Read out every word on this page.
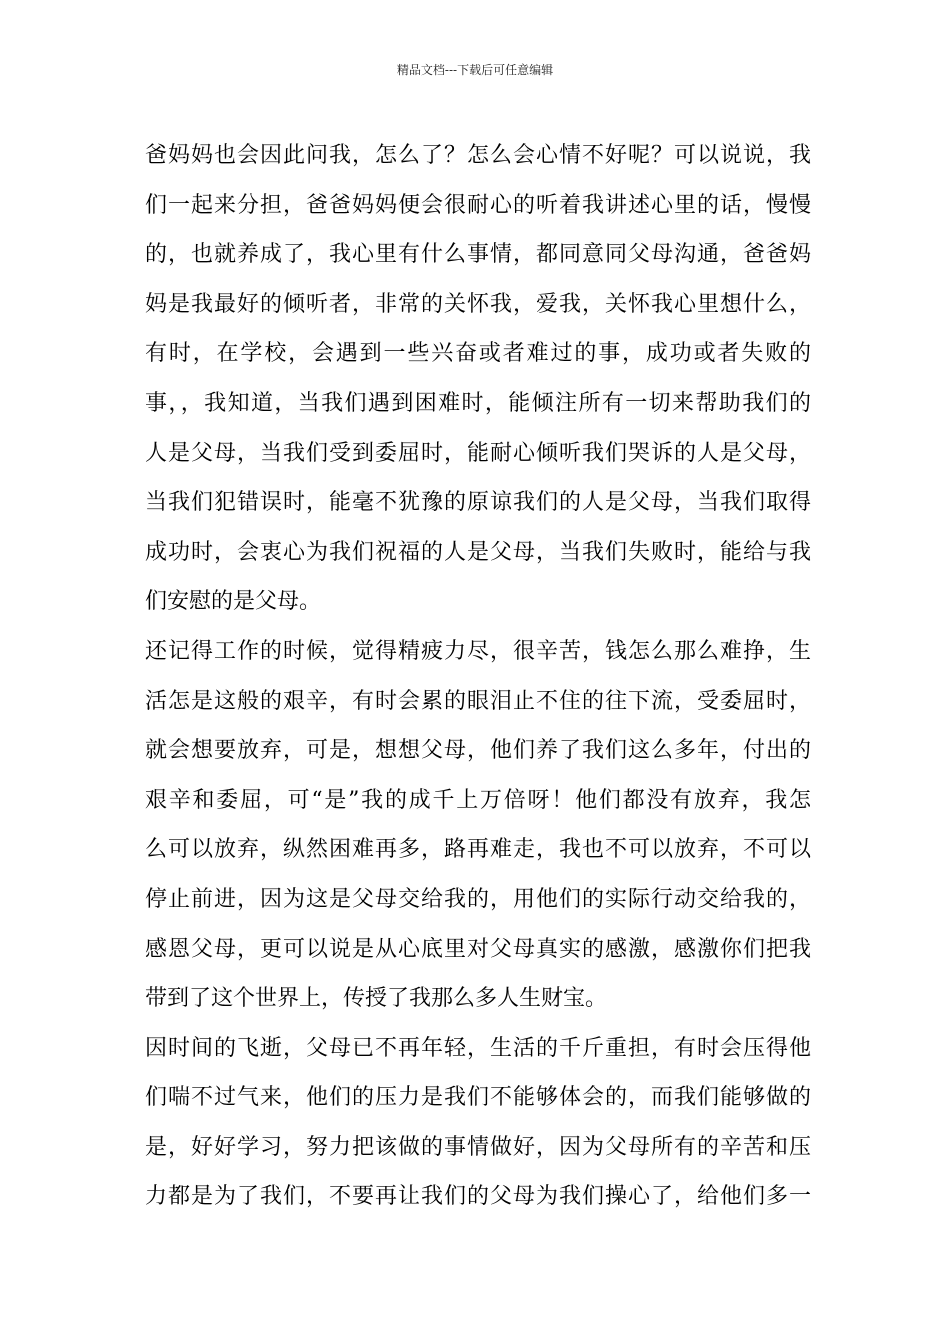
精品文档---下载后可任意编辑
爸妈妈也会因此问我，怎么了？怎么会心情不好呢？可以说说，我
们一起来分担，爸爸妈妈便会很耐心的听着我讲述心里的话，慢慢
的，也就养成了，我心里有什么事情，都同意同父母沟通，爸爸妈
妈是我最好的倾听者，非常的关怀我，爱我，关怀我心里想什么，
有时，在学校，会遇到一些兴奋或者难过的事，成功或者失败的
事，，我知道，当我们遇到困难时，能倾注所有一切来帮助我们的
人是父母，当我们受到委屈时，能耐心倾听我们哭诉的人是父母，
当我们犯错误时，能毫不犹豫的原谅我们的人是父母，当我们取得
成功时，会衷心为我们祝福的人是父母，当我们失败时，能给与我
们安慰的是父母。
还记得工作的时候，觉得精疲力尽，很辛苦，钱怎么那么难挣，生
活怎是这般的艰辛，有时会累的眼泪止不住的往下流，受委屈时，
就会想要放弃，可是，想想父母，他们养了我们这么多年，付出的
艰辛和委屈，可“是”我的成千上万倍呀！他们都没有放弃，我怎
么可以放弃，纵然困难再多，路再难走，我也不可以放弃，不可以
停止前进，因为这是父母交给我的，用他们的实际行动交给我的，
感恩父母，更可以说是从心底里对父母真实的感激，感激你们把我
带到了这个世界上，传授了我那么多人生财宝。
因时间的飞逝，父母已不再年轻，生活的千斤重担，有时会压得他
们喘不过气来，他们的压力是我们不能够体会的，而我们能够做的
是，好好学习，努力把该做的事情做好，因为父母所有的辛苦和压
力都是为了我们，不要再让我们的父母为我们操心了，给他们多一
